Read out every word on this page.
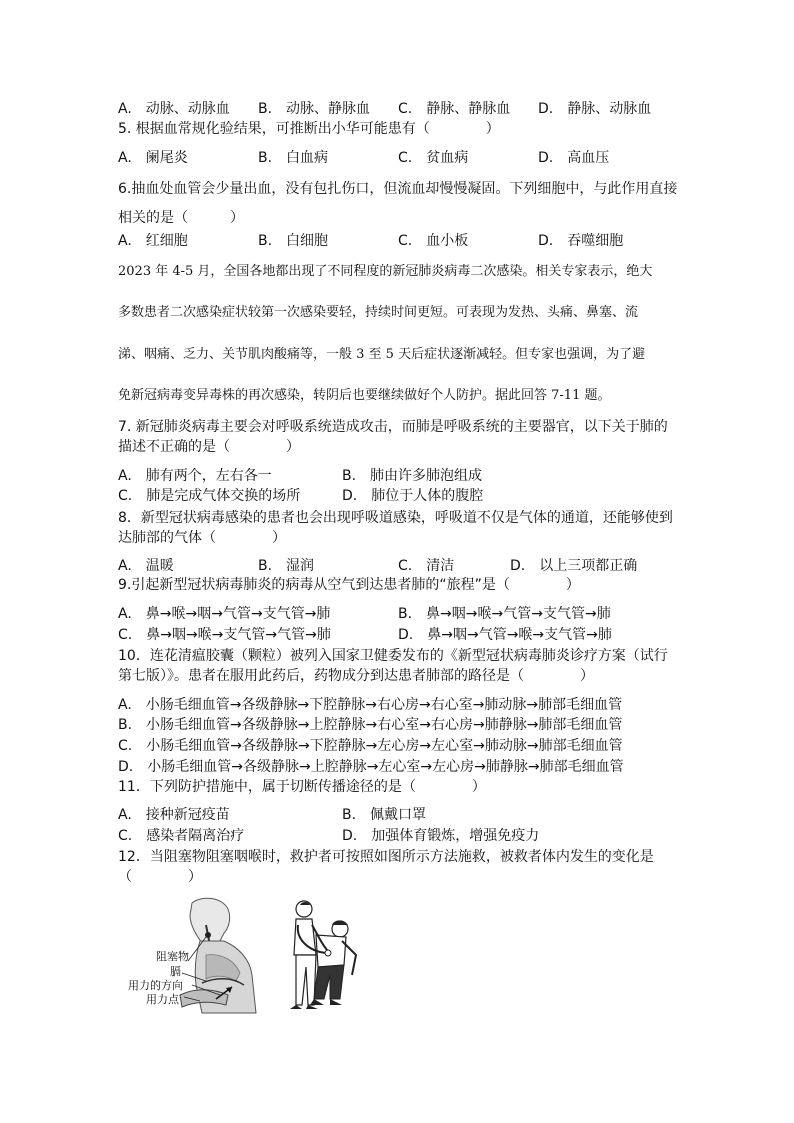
A.　动脉、动脉血 B.　动脉、静脉血 C.　静脉、静脉血 D.　静脉、动脉血
5. 根据血常规化验结果，可推断出小华可能患有（　　　　）
A.　阑尾炎	B.　白血病	C.　贫血病	D.　高血压
6.抽血处血管会少量出血，没有包扎伤口，但流血却慢慢凝固。下列细胞中，与此作用直接
相关的是（　　　）
A.　红细胞	B.　白细胞	C.　血小板	D.　吞噬细胞
2023 年 4-5 月，全国各地都出现了不同程度的新冠肺炎病毒二次感染。相关专家表示，绝大
多数患者二次感染症状较第一次感染要轻，持续时间更短。可表现为发热、头痛、鼻塞、流
涕、咽痛、乏力、关节肌肉酸痛等，一般 3 至 5 天后症状逐渐减轻。但专家也强调，为了避
免新冠病毒变异毒株的再次感染，转阴后也要继续做好个人防护。据此回答 7-11 题。
7. 新冠肺炎病毒主要会对呼吸系统造成攻击，而肺是呼吸系统的主要器官，以下关于肺的
描述不正确的是（　　　　）
A.　肺有两个，左右各一	B.　肺由许多肺泡组成
C.　肺是完成气体交换的场所	D.　肺位于人体的腹腔
8．新型冠状病毒感染的患者也会出现呼吸道感染，呼吸道不仅是气体的通道，还能够使到
达肺部的气体（　　　　）
A.　温暖	B.　湿润	C.　清洁	D.　以上三项都正确
9.引起新型冠状病毒肺炎的病毒从空气到达患者肺的“旅程”是（　　　　）
A.　鼻→喉→咽→气管→支气管→肺	B.　鼻→咽→喉→气管→支气管→肺
C.　鼻→咽→喉→支气管→气管→肺	D.　鼻→咽→气管→喉→支气管→肺
10．连花清瘟胶囊（颗粒）被列入国家卫健委发布的《新型冠状病毒肺炎诊疗方案（试行
第七版）》。患者在服用此药后，药物成分到达患者肺部的路径是（　　　　）
A.　小肠毛细血管→各级静脉→下腔静脉→右心房→右心室→肺动脉→肺部毛细血管
B.　小肠毛细血管→各级静脉→上腔静脉→右心室→右心房→肺静脉→肺部毛细血管
C.　小肠毛细血管→各级静脉→下腔静脉→左心房→左心室→肺动脉→肺部毛细血管
D.　小肠毛细血管→各级静脉→上腔静脉→左心室→左心房→肺静脉→肺部毛细血管
11．下列防护措施中，属于切断传播途径的是（　　　　）
A.　接种新冠疫苗	B.　佩戴口罩
C.　感染者隔离治疗	D.　加强体育锻炼，增强免疫力
12．当阻塞物阻塞咽喉时，救护者可按照如图所示方法施救，被救者体内发生的变化是
（　　　　）
阻塞物
膈
用力的方向
用力点
